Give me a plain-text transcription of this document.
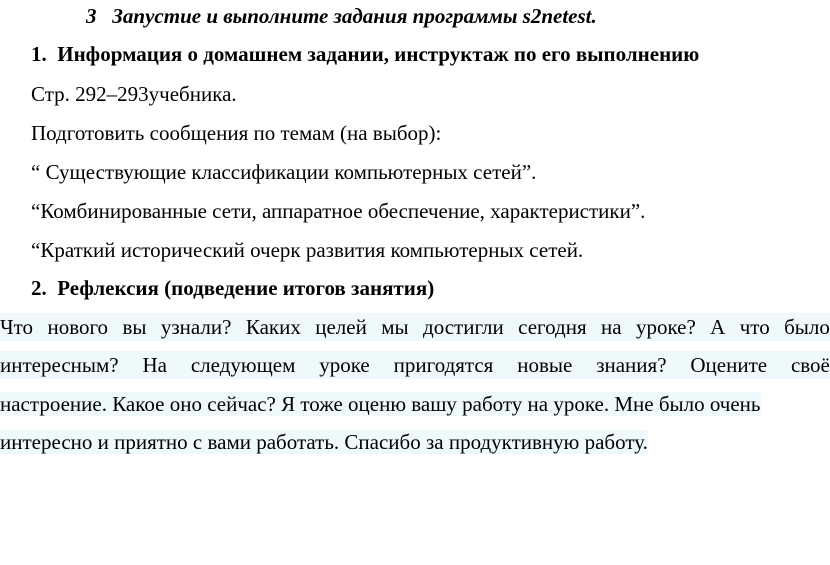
3 Запустие и выполните задания программы s2netest.
1. Информация о домашнем задании, инструктаж по его выполнению
Стр. 292–293учебника.
Подготовить сообщения по темам (на выбор):
“ Существующие классификации компьютерных сетей”.
“Комбинированные сети, аппаратное обеспечение, характеристики”.
“Краткий исторический очерк развития компьютерных сетей.
2. Рефлексия (подведение итогов занятия)
Что нового вы узнали? Каких целей мы достигли сегодня на уроке? А что было
интересным? На следующем уроке пригодятся новые знания? Оцените своё
настроение. Какое оно сейчас? Я тоже оценю вашу работу на уроке. Мне было очень
интересно и приятно с вами работать. Спасибо за продуктивную работу.
